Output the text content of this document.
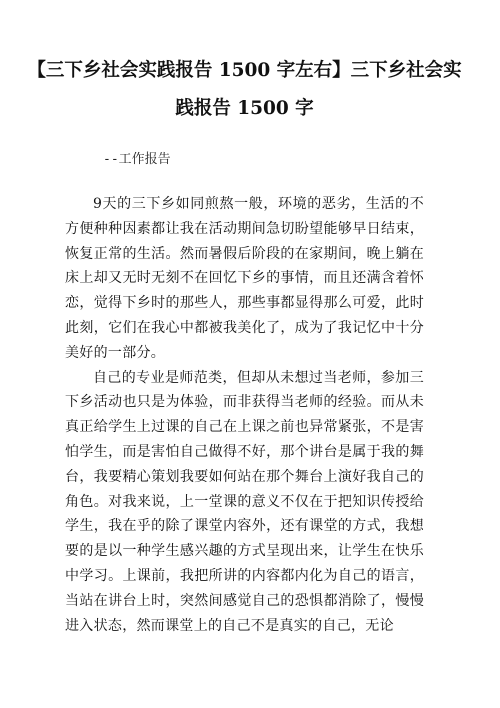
【三下乡社会实践报告 1500 字左右】三下乡社会实践报告 1500 字
--工作报告

9天的三下乡如同煎熬一般，环境的恶劣，生活的不方便种种因素都让我在活动期间急切盼望能够早日结束，恢复正常的生活。然而暑假后阶段的在家期间，晚上躺在床上却又无时无刻不在回忆下乡的事情，而且还满含着怀恋，觉得下乡时的那些人，那些事都显得那么可爱，此时此刻，它们在我心中都被我美化了，成为了我记忆中十分美好的一部分。

自己的专业是师范类，但却从未想过当老师，参加三下乡活动也只是为体验，而非获得当老师的经验。而从未真正给学生上过课的自己在上课之前也异常紧张，不是害怕学生，而是害怕自己做得不好，那个讲台是属于我的舞台，我要精心策划我要如何站在那个舞台上演好我自己的角色。对我来说，上一堂课的意义不仅在于把知识传授给学生，我在乎的除了课堂内容外，还有课堂的方式，我想要的是以一种学生感兴趣的方式呈现出来，让学生在快乐中学习。上课前，我把所讲的内容都内化为自己的语言，当站在讲台上时，突然间感觉自己的恐惧都消除了，慢慢进入状态，然而课堂上的自己不是真实的自己，无论
